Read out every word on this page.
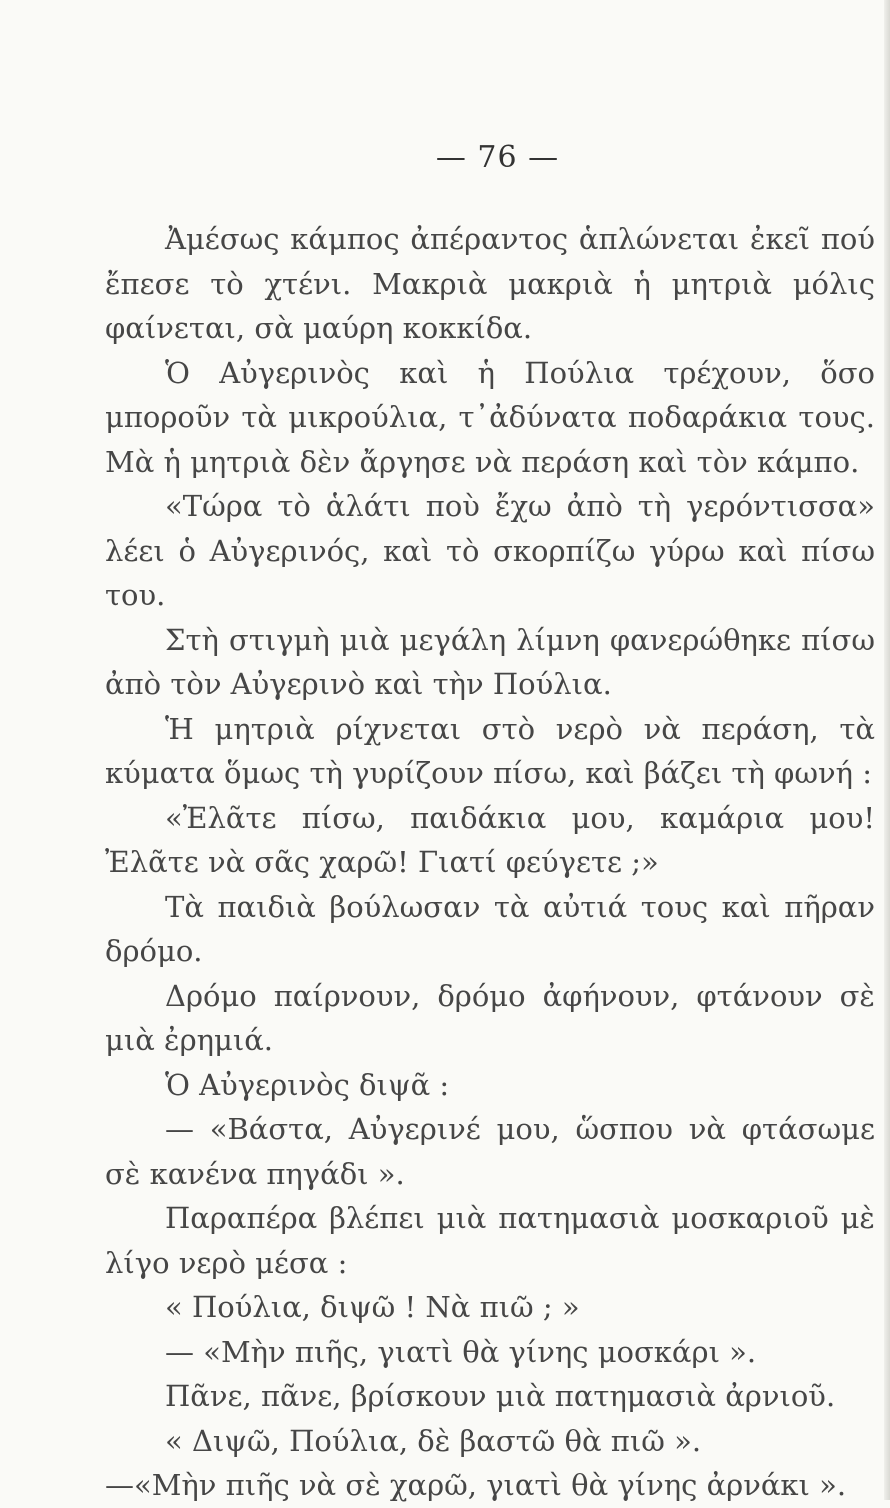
— 76 —

Ἀμέσως κάμπος ἀπέραντος ἁπλώνεται ἐκεῖ πού ἔπεσε τὸ χτένι. Μακριὰ μακριὰ ἡ μητριὰ μόλις φαίνεται, σὰ μαύρη κοκκίδα.

Ὁ Αὐγερινὸς καὶ ἡ Πούλια τρέχουν, ὅσο μποροῦν τὰ μικρούλια, τ᾽ἀδύνατα ποδαράκια τους. Μὰ ἡ μητριὰ δὲν ἄργησε νὰ περάση καὶ τὸν κάμπο.

«Τώρα τὸ ἁλάτι ποὺ ἔχω ἀπὸ τὴ γερόντισσα» λέει ὁ Αὐγερινός, καὶ τὸ σκορπίζω γύρω καὶ πίσω του.

Στὴ στιγμὴ μιὰ μεγάλη λίμνη φανερώθηκε πίσω ἀπὸ τὸν Αὐγερινὸ καὶ τὴν Πούλια.

Ἡ μητριὰ ρίχνεται στὸ νερὸ νὰ περάση, τὰ κύματα ὅμως τὴ γυρίζουν πίσω, καὶ βάζει τὴ φωνή :

«Ἐλᾶτε πίσω, παιδάκια μου, καμάρια μου! Ἐλᾶτε νὰ σᾶς χαρῶ! Γιατί φεύγετε ;»

Τὰ παιδιὰ βούλωσαν τὰ αὐτιά τους καὶ πῆραν δρόμο.

Δρόμο παίρνουν, δρόμο ἀφήνουν, φτάνουν σὲ μιὰ ἐρημιά.

Ὁ Αὐγερινὸς διψᾶ :

— «Βάστα, Αὐγερινέ μου, ὥσπου νὰ φτάσωμε σὲ κανένα πηγάδι ».

Παραπέρα βλέπει μιὰ πατημασιὰ μοσκαριοῦ μὲ λίγο νερὸ μέσα :

« Πούλια, διψῶ ! Νὰ πιῶ ; »

— «Μὴν πιῆς, γιατὶ θὰ γίνης μοσκάρι ».

Πᾶνε, πᾶνε, βρίσκουν μιὰ πατημασιὰ ἀρνιοῦ.

« Διψῶ, Πούλια, δὲ βαστῶ θὰ πιῶ ».

—«Μὴν πιῆς νὰ σὲ χαρῶ, γιατὶ θὰ γίνης ἀρνάκι ».
